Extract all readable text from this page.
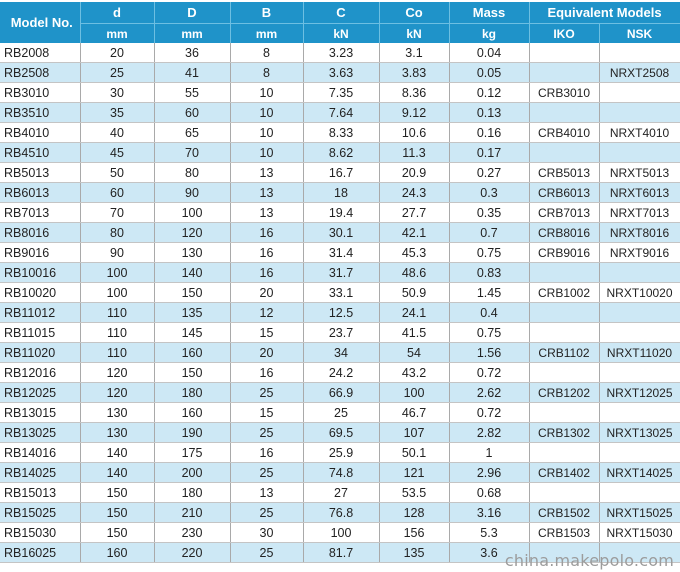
Model No.	d	D	B	C	Co	Mass	Equivalent Models	
	mm	mm	mm	kN	kN	kg	IKO	NSK
RB2008	20	36	8	3.23	3.1	0.04		
RB2508	25	41	8	3.63	3.83	0.05		NRXT2508
RB3010	30	55	10	7.35	8.36	0.12	CRB3010	
RB3510	35	60	10	7.64	9.12	0.13		
RB4010	40	65	10	8.33	10.6	0.16	CRB4010	NRXT4010
RB4510	45	70	10	8.62	11.3	0.17		
RB5013	50	80	13	16.7	20.9	0.27	CRB5013	NRXT5013
RB6013	60	90	13	18	24.3	0.3	CRB6013	NRXT6013
RB7013	70	100	13	19.4	27.7	0.35	CRB7013	NRXT7013
RB8016	80	120	16	30.1	42.1	0.7	CRB8016	NRXT8016
RB9016	90	130	16	31.4	45.3	0.75	CRB9016	NRXT9016
RB10016	100	140	16	31.7	48.6	0.83		
RB10020	100	150	20	33.1	50.9	1.45	CRB1002	NRXT10020
RB11012	110	135	12	12.5	24.1	0.4		
RB11015	110	145	15	23.7	41.5	0.75		
RB11020	110	160	20	34	54	1.56	CRB1102	NRXT11020
RB12016	120	150	16	24.2	43.2	0.72		
RB12025	120	180	25	66.9	100	2.62	CRB1202	NRXT12025
RB13015	130	160	15	25	46.7	0.72		
RB13025	130	190	25	69.5	107	2.82	CRB1302	NRXT13025
RB14016	140	175	16	25.9	50.1	1		
RB14025	140	200	25	74.8	121	2.96	CRB1402	NRXT14025
RB15013	150	180	13	27	53.5	0.68		
RB15025	150	210	25	76.8	128	3.16	CRB1502	NRXT15025
RB15030	150	230	30	100	156	5.3	CRB1503	NRXT15030
RB16025	160	220	25	81.7	135	3.6		china.makepolo.com
